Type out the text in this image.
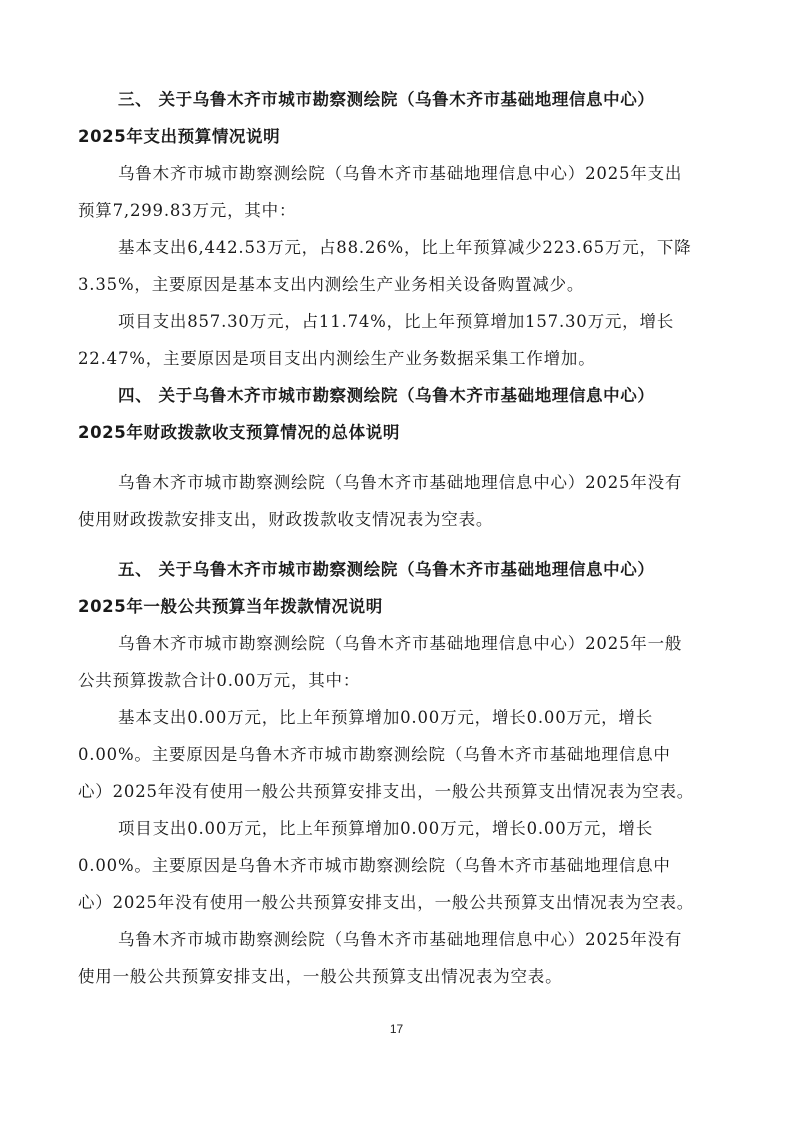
三、 关于乌鲁木齐市城市勘察测绘院（乌鲁木齐市基础地理信息中心）
2025年支出预算情况说明
乌鲁木齐市城市勘察测绘院（乌鲁木齐市基础地理信息中心）2025年支出
预算7,299.83万元，其中：
基本支出6,442.53万元，占88.26%，比上年预算减少223.65万元，下降
3.35%，主要原因是基本支出内测绘生产业务相关设备购置减少。
项目支出857.30万元，占11.74%，比上年预算增加157.30万元，增长
22.47%，主要原因是项目支出内测绘生产业务数据采集工作增加。
四、 关于乌鲁木齐市城市勘察测绘院（乌鲁木齐市基础地理信息中心）
2025年财政拨款收支预算情况的总体说明
乌鲁木齐市城市勘察测绘院（乌鲁木齐市基础地理信息中心）2025年没有
使用财政拨款安排支出，财政拨款收支情况表为空表。
五、 关于乌鲁木齐市城市勘察测绘院（乌鲁木齐市基础地理信息中心）
2025年一般公共预算当年拨款情况说明
乌鲁木齐市城市勘察测绘院（乌鲁木齐市基础地理信息中心）2025年一般
公共预算拨款合计0.00万元，其中：
基本支出0.00万元，比上年预算增加0.00万元，增长0.00万元，增长
0.00%。主要原因是乌鲁木齐市城市勘察测绘院（乌鲁木齐市基础地理信息中
心）2025年没有使用一般公共预算安排支出，一般公共预算支出情况表为空表。
项目支出0.00万元，比上年预算增加0.00万元，增长0.00万元，增长
0.00%。主要原因是乌鲁木齐市城市勘察测绘院（乌鲁木齐市基础地理信息中
心）2025年没有使用一般公共预算安排支出，一般公共预算支出情况表为空表。
乌鲁木齐市城市勘察测绘院（乌鲁木齐市基础地理信息中心）2025年没有
使用一般公共预算安排支出，一般公共预算支出情况表为空表。
17
